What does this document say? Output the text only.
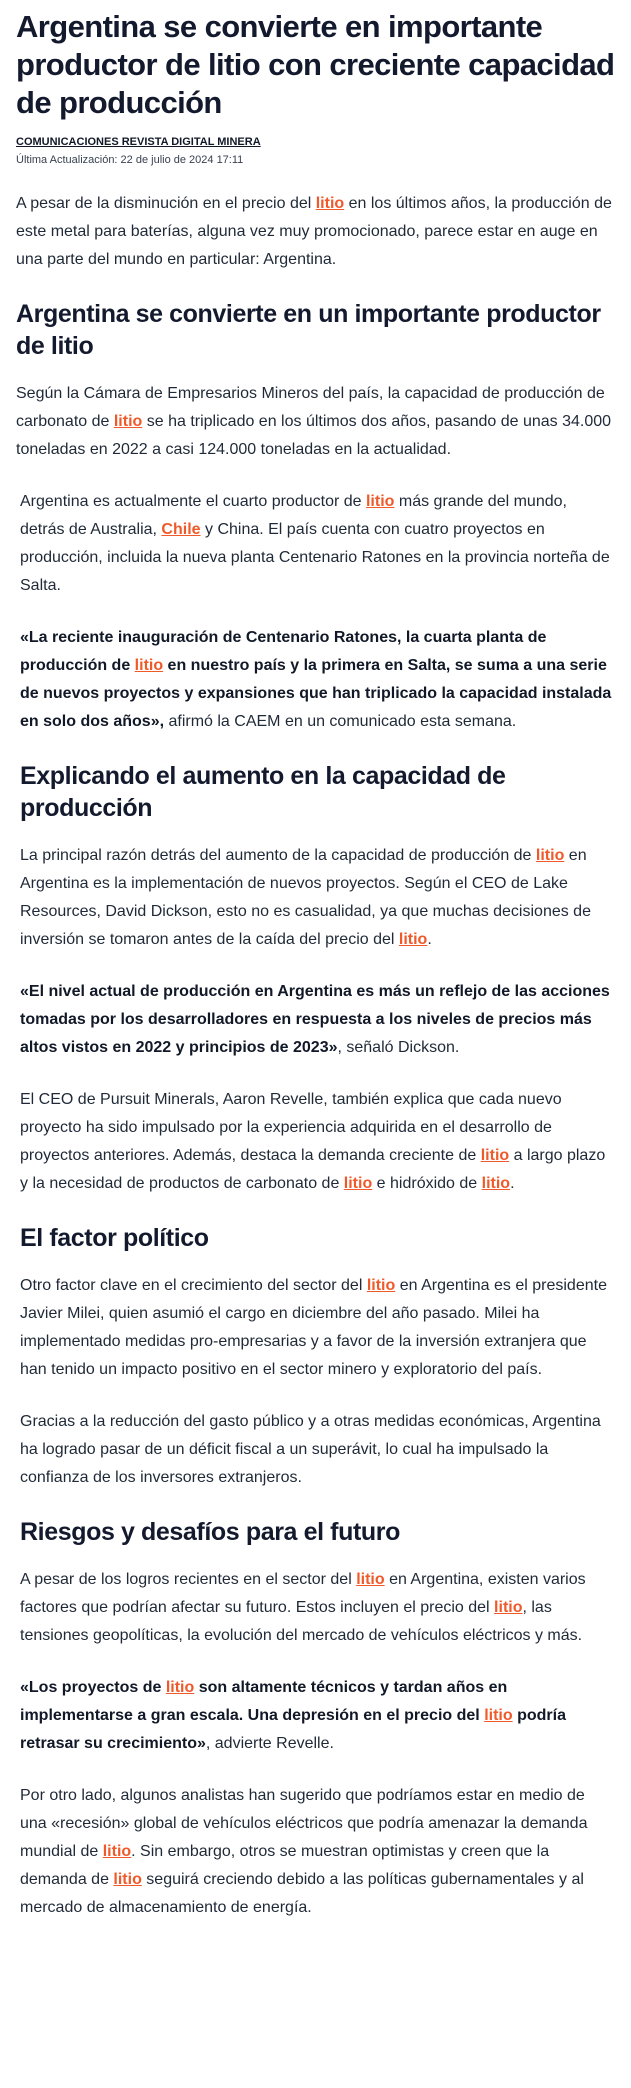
Argentina se convierte en importante productor de litio con creciente capacidad de producción
COMUNICACIONES REVISTA DIGITAL MINERA
Última Actualización: 22 de julio de 2024 17:11

A pesar de la disminución en el precio del litio en los últimos años, la producción de este metal para baterías, alguna vez muy promocionado, parece estar en auge en una parte del mundo en particular: Argentina.

Argentina se convierte en un importante productor de litio

Según la Cámara de Empresarios Mineros del país, la capacidad de producción de carbonato de litio se ha triplicado en los últimos dos años, pasando de unas 34.000 toneladas en 2022 a casi 124.000 toneladas en la actualidad.

Argentina es actualmente el cuarto productor de litio más grande del mundo, detrás de Australia, Chile y China. El país cuenta con cuatro proyectos en producción, incluida la nueva planta Centenario Ratones en la provincia norteña de Salta.

«La reciente inauguración de Centenario Ratones, la cuarta planta de producción de litio en nuestro país y la primera en Salta, se suma a una serie de nuevos proyectos y expansiones que han triplicado la capacidad instalada en solo dos años», afirmó la CAEM en un comunicado esta semana.

Explicando el aumento en la capacidad de producción

La principal razón detrás del aumento de la capacidad de producción de litio en Argentina es la implementación de nuevos proyectos. Según el CEO de Lake Resources, David Dickson, esto no es casualidad, ya que muchas decisiones de inversión se tomaron antes de la caída del precio del litio.

«El nivel actual de producción en Argentina es más un reflejo de las acciones tomadas por los desarrolladores en respuesta a los niveles de precios más altos vistos en 2022 y principios de 2023», señaló Dickson.

El CEO de Pursuit Minerals, Aaron Revelle, también explica que cada nuevo proyecto ha sido impulsado por la experiencia adquirida en el desarrollo de proyectos anteriores. Además, destaca la demanda creciente de litio a largo plazo y la necesidad de productos de carbonato de litio e hidróxido de litio.

El factor político

Otro factor clave en el crecimiento del sector del litio en Argentina es el presidente Javier Milei, quien asumió el cargo en diciembre del año pasado. Milei ha implementado medidas pro-empresarias y a favor de la inversión extranjera que han tenido un impacto positivo en el sector minero y exploratorio del país.

Gracias a la reducción del gasto público y a otras medidas económicas, Argentina ha logrado pasar de un déficit fiscal a un superávit, lo cual ha impulsado la confianza de los inversores extranjeros.

Riesgos y desafíos para el futuro

A pesar de los logros recientes en el sector del litio en Argentina, existen varios factores que podrían afectar su futuro. Estos incluyen el precio del litio, las tensiones geopolíticas, la evolución del mercado de vehículos eléctricos y más.

«Los proyectos de litio son altamente técnicos y tardan años en implementarse a gran escala. Una depresión en el precio del litio podría retrasar su crecimiento», advierte Revelle.

Por otro lado, algunos analistas han sugerido que podríamos estar en medio de una «recesión» global de vehículos eléctricos que podría amenazar la demanda mundial de litio. Sin embargo, otros se muestran optimistas y creen que la demanda de litio seguirá creciendo debido a las políticas gubernamentales y al mercado de almacenamiento de energía.
